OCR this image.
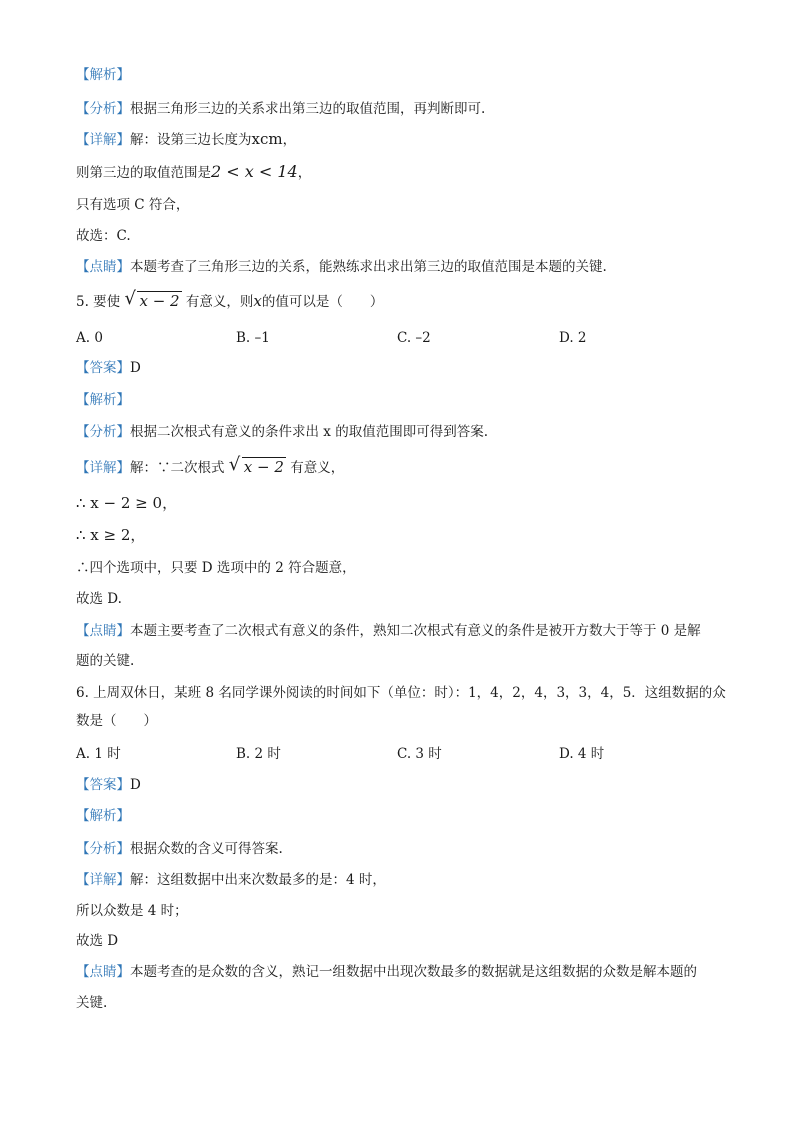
【解析】
【分析】根据三角形三边的关系求出第三边的取值范围，再判断即可.
【详解】解：设第三边长度为xcm，
则第三边的取值范围是2 < x < 14，
只有选项 C 符合，
故选：C.
【点睛】本题考查了三角形三边的关系，能熟练求出求出第三边的取值范围是本题的关键.
5. 要使 √ x − 2 有意义，则x的值可以是（　　）
A. 0	B. –1	C. –2	D. 2
【答案】D
【解析】
【分析】根据二次根式有意义的条件求出 x 的取值范围即可得到答案.
【详解】解：∵二次根式 √ x − 2 有意义，
∴ x − 2 ≥ 0，
∴ x ≥ 2，
∴四个选项中，只要 D 选项中的 2 符合题意，
故选 D.
【点睛】本题主要考查了二次根式有意义的条件，熟知二次根式有意义的条件是被开方数大于等于 0 是解
题的关键.
6. 上周双休日，某班 8 名同学课外阅读的时间如下（单位：时）：1，4，2，4，3，3，4，5．这组数据的众
数是（　　）
A. 1 时	B. 2 时	C. 3 时	D. 4 时
【答案】D
【解析】
【分析】根据众数的含义可得答案.
【详解】解：这组数据中出来次数最多的是：4 时，
所以众数是 4 时；
故选 D
【点睛】本题考查的是众数的含义，熟记一组数据中出现次数最多的数据就是这组数据的众数是解本题的
关键.
